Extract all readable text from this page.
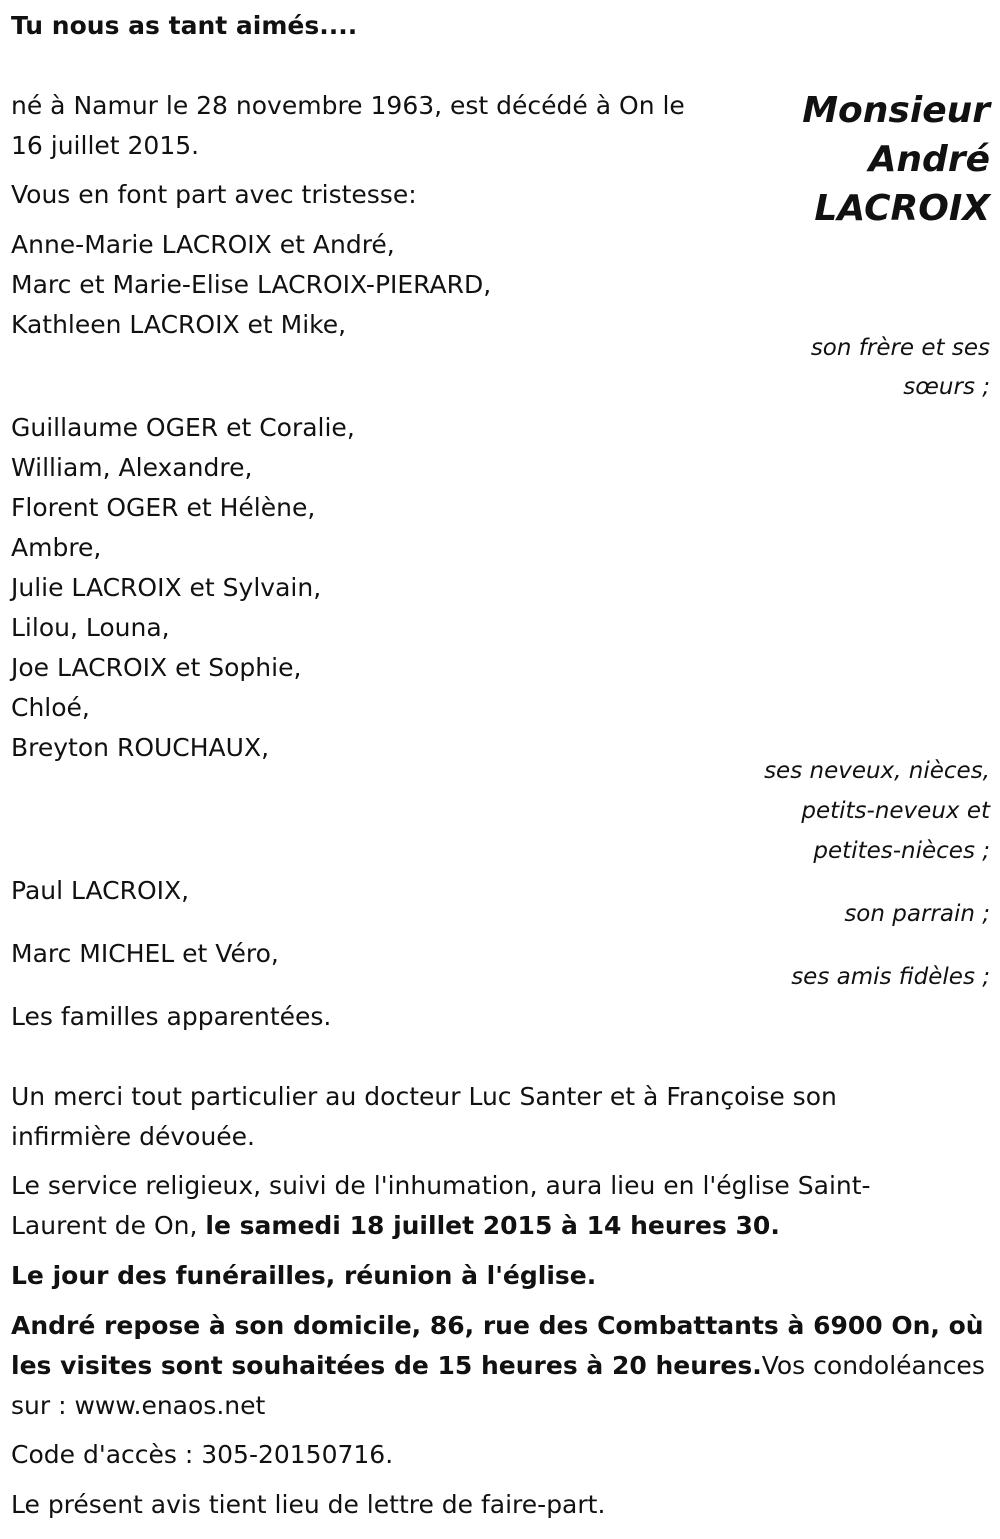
Tu nous as tant aimés....
Monsieur
André
LACROIX
né à Namur le 28 novembre 1963, est décédé à On le
16 juillet 2015.
Vous en font part avec tristesse:
Anne-Marie LACROIX et André,
Marc et Marie-Elise LACROIX-PIERARD,
Kathleen LACROIX et Mike,
son frère et ses
sœurs ;
Guillaume OGER et Coralie,
William, Alexandre,
Florent OGER et Hélène,
Ambre,
Julie LACROIX et Sylvain,
Lilou, Louna,
Joe LACROIX et Sophie,
Chloé,
Breyton ROUCHAUX,
ses neveux, nièces,
petits-neveux et
petites-nièces ;
Paul LACROIX,
son parrain ;
Marc MICHEL et Véro,
ses amis fidèles ;
Les familles apparentées.
Un merci tout particulier au docteur Luc Santer et à Françoise son
infirmière dévouée.
Le service religieux, suivi de l'inhumation, aura lieu en l'église Saint-
Laurent de On, le samedi 18 juillet 2015 à 14 heures 30.
Le jour des funérailles, réunion à l'église.
André repose à son domicile, 86, rue des Combattants à 6900 On, où
les visites sont souhaitées de 15 heures à 20 heures.Vos condoléances
sur : www.enaos.net
Code d'accès : 305-20150716.
Le présent avis tient lieu de lettre de faire-part.
